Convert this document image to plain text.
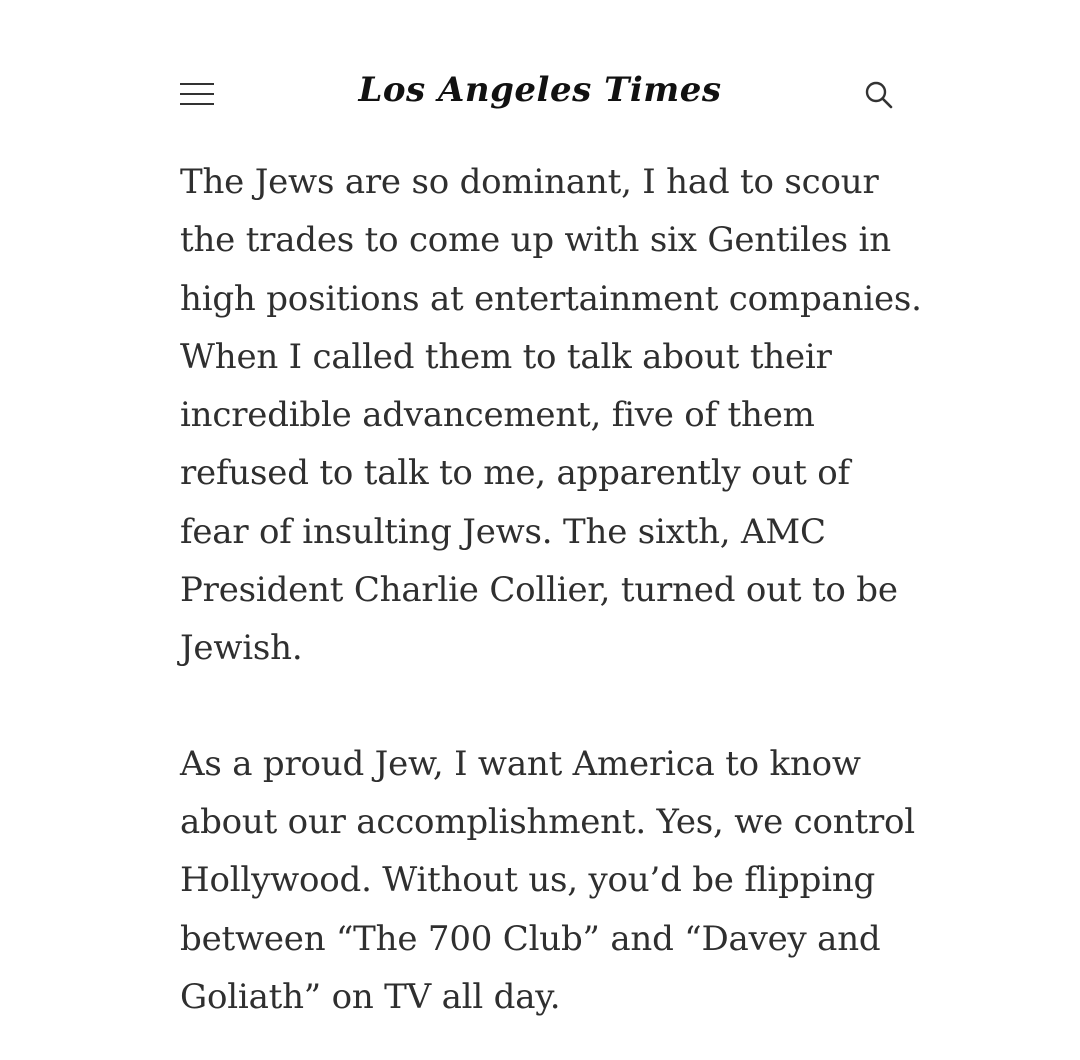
Los Angeles Times

The Jews are so dominant, I had to scour
the trades to come up with six Gentiles in
high positions at entertainment companies.
When I called them to talk about their
incredible advancement, five of them
refused to talk to me, apparently out of
fear of insulting Jews. The sixth, AMC
President Charlie Collier, turned out to be
Jewish.

As a proud Jew, I want America to know
about our accomplishment. Yes, we control
Hollywood. Without us, you’d be flipping
between “The 700 Club” and “Davey and
Goliath” on TV all day.
